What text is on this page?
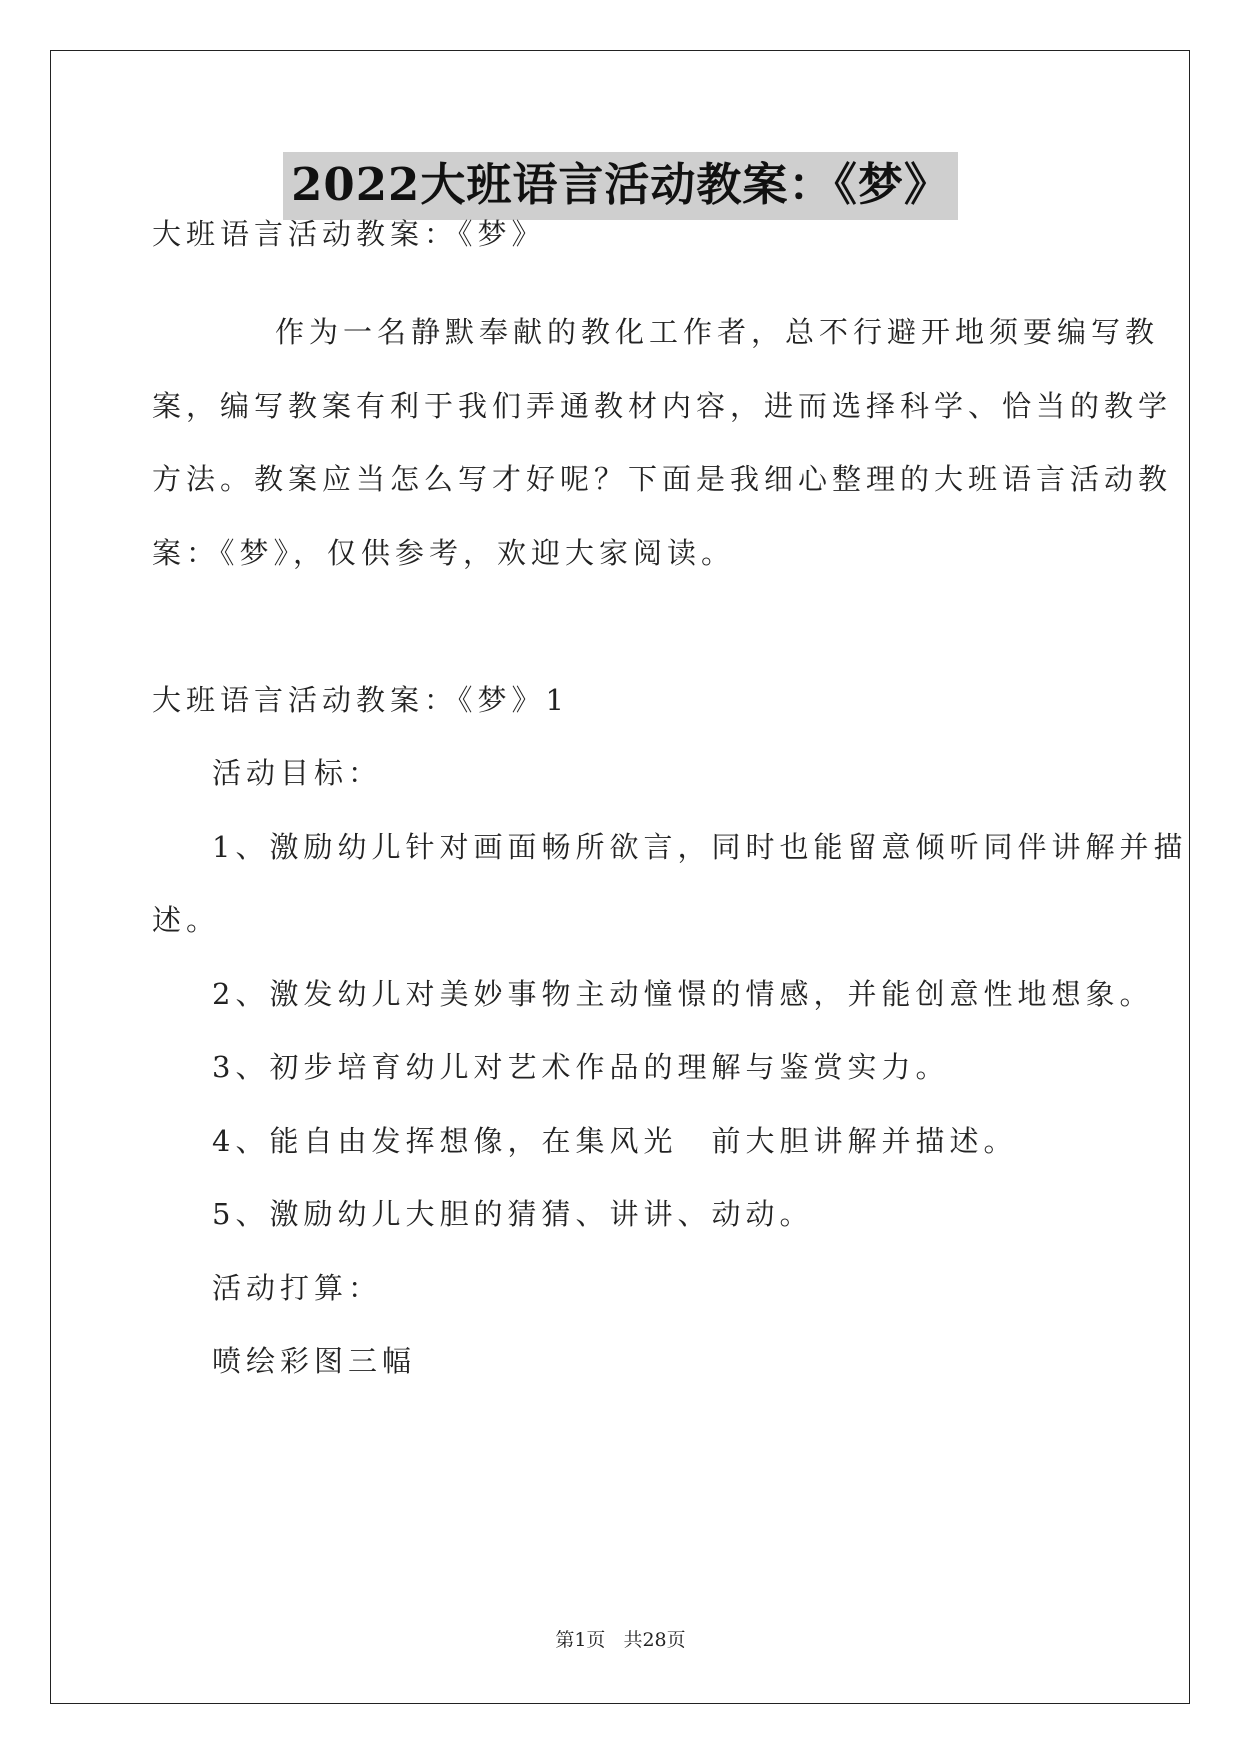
2022大班语言活动教案：《梦》
大班语言活动教案：《梦》
作为一名静默奉献的教化工作者，总不行避开地须要编写教
案，编写教案有利于我们弄通教材内容，进而选择科学、恰当的教学
方法。教案应当怎么写才好呢？下面是我细心整理的大班语言活动教
案：《梦》，仅供参考，欢迎大家阅读。
大班语言活动教案：《梦》1
活动目标：
1、激励幼儿针对画面畅所欲言，同时也能留意倾听同伴讲解并描
述。
2、激发幼儿对美妙事物主动憧憬的情感，并能创意性地想象。
3、初步培育幼儿对艺术作品的理解与鉴赏实力。
4、能自由发挥想像，在集风光　前大胆讲解并描述。
5、激励幼儿大胆的猜猜、讲讲、动动。
活动打算：
喷绘彩图三幅
第1页 共28页
